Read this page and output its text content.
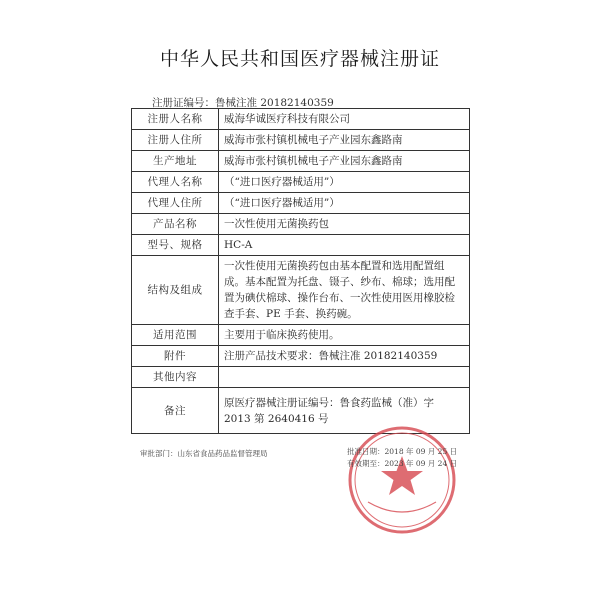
中华人民共和国医疗器械注册证
注册证编号：鲁械注准 20182140359
注册人名称	威海华诚医疗科技有限公司
注册人住所	威海市张村镇机械电子产业园东鑫路南
生产地址	威海市张村镇机械电子产业园东鑫路南
代理人名称	（“进口医疗器械适用”）
代理人住所	（“进口医疗器械适用”）
产品名称	一次性使用无菌换药包
型号、规格	HC-A
结构及组成	一次性使用无菌换药包由基本配置和选用配置组成。基本配置为托盘、镊子、纱布、棉球；选用配置为碘伏棉球、操作台布、一次性使用医用橡胶检查手套、PE 手套、换药碗。
适用范围	主要用于临床换药使用。
附件	注册产品技术要求：鲁械注准 20182140359
其他内容	
备注	原医疗器械注册证编号：鲁食药监械（准）字 2013 第 2640416 号
审批部门：山东省食品药品监督管理局	批准日期：2018 年 09 月 25 日
有效期至：2023 年 09 月 24 日
